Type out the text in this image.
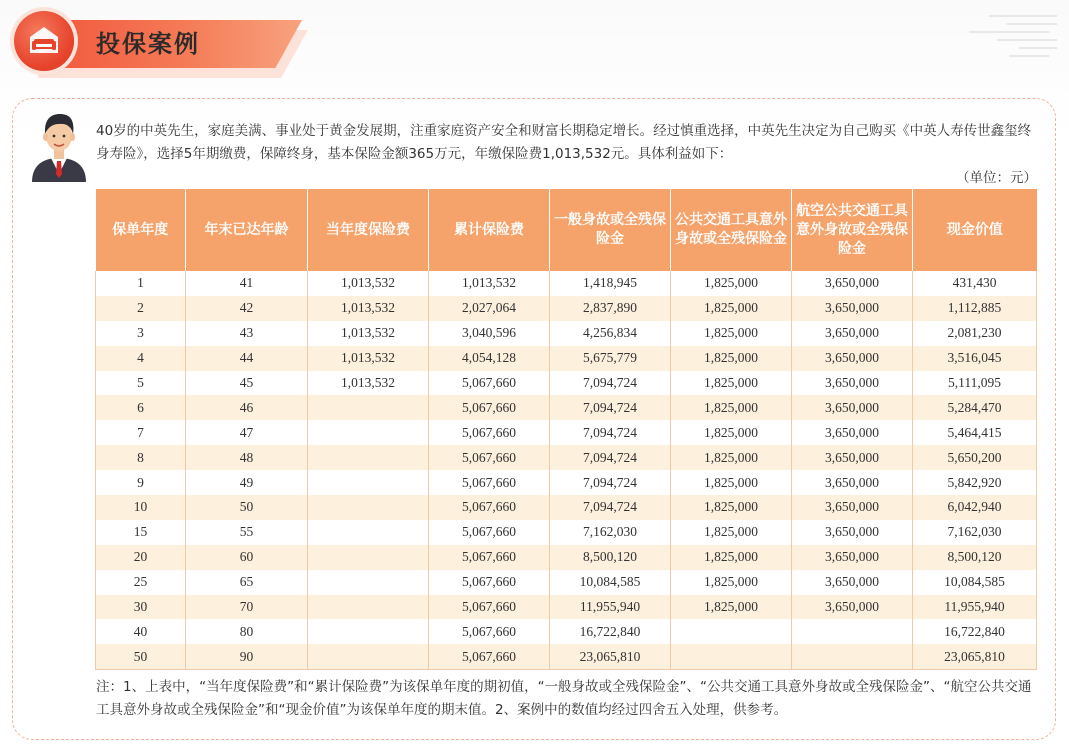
投保案例

40岁的中英先生，家庭美满、事业处于黄金发展期，注重家庭资产安全和财富长期稳定增长。经过慎重选择，中英先生决定为自己购买《中英人寿传世鑫玺终身寿险》，选择5年期缴费，保障终身，基本保险金额365万元，年缴保险费1,013,532元。具体利益如下：

（单位：元）
保单年度	年末已达年龄	当年度保险费	累计保险费	一般身故或全残保险金	公共交通工具意外身故或全残保险金	航空公共交通工具意外身故或全残保险金	现金价值
1	41	1,013,532	1,013,532	1,418,945	1,825,000	3,650,000	431,430
2	42	1,013,532	2,027,064	2,837,890	1,825,000	3,650,000	1,112,885
3	43	1,013,532	3,040,596	4,256,834	1,825,000	3,650,000	2,081,230
4	44	1,013,532	4,054,128	5,675,779	1,825,000	3,650,000	3,516,045
5	45	1,013,532	5,067,660	7,094,724	1,825,000	3,650,000	5,111,095
6	46		5,067,660	7,094,724	1,825,000	3,650,000	5,284,470
7	47		5,067,660	7,094,724	1,825,000	3,650,000	5,464,415
8	48		5,067,660	7,094,724	1,825,000	3,650,000	5,650,200
9	49		5,067,660	7,094,724	1,825,000	3,650,000	5,842,920
10	50		5,067,660	7,094,724	1,825,000	3,650,000	6,042,940
15	55		5,067,660	7,162,030	1,825,000	3,650,000	7,162,030
20	60		5,067,660	8,500,120	1,825,000	3,650,000	8,500,120
25	65		5,067,660	10,084,585	1,825,000	3,650,000	10,084,585
30	70		5,067,660	11,955,940	1,825,000	3,650,000	11,955,940
40	80		5,067,660	16,722,840			16,722,840
50	90		5,067,660	23,065,810			23,065,810

注：1、上表中，“当年度保险费”和“累计保险费”为该保单年度的期初值，“一般身故或全残保险金”、“公共交通工具意外身故或全残保险金”、“航空公共交通工具意外身故或全残保险金”和“现金价值”为该保单年度的期末值。2、案例中的数值均经过四舍五入处理，供参考。
